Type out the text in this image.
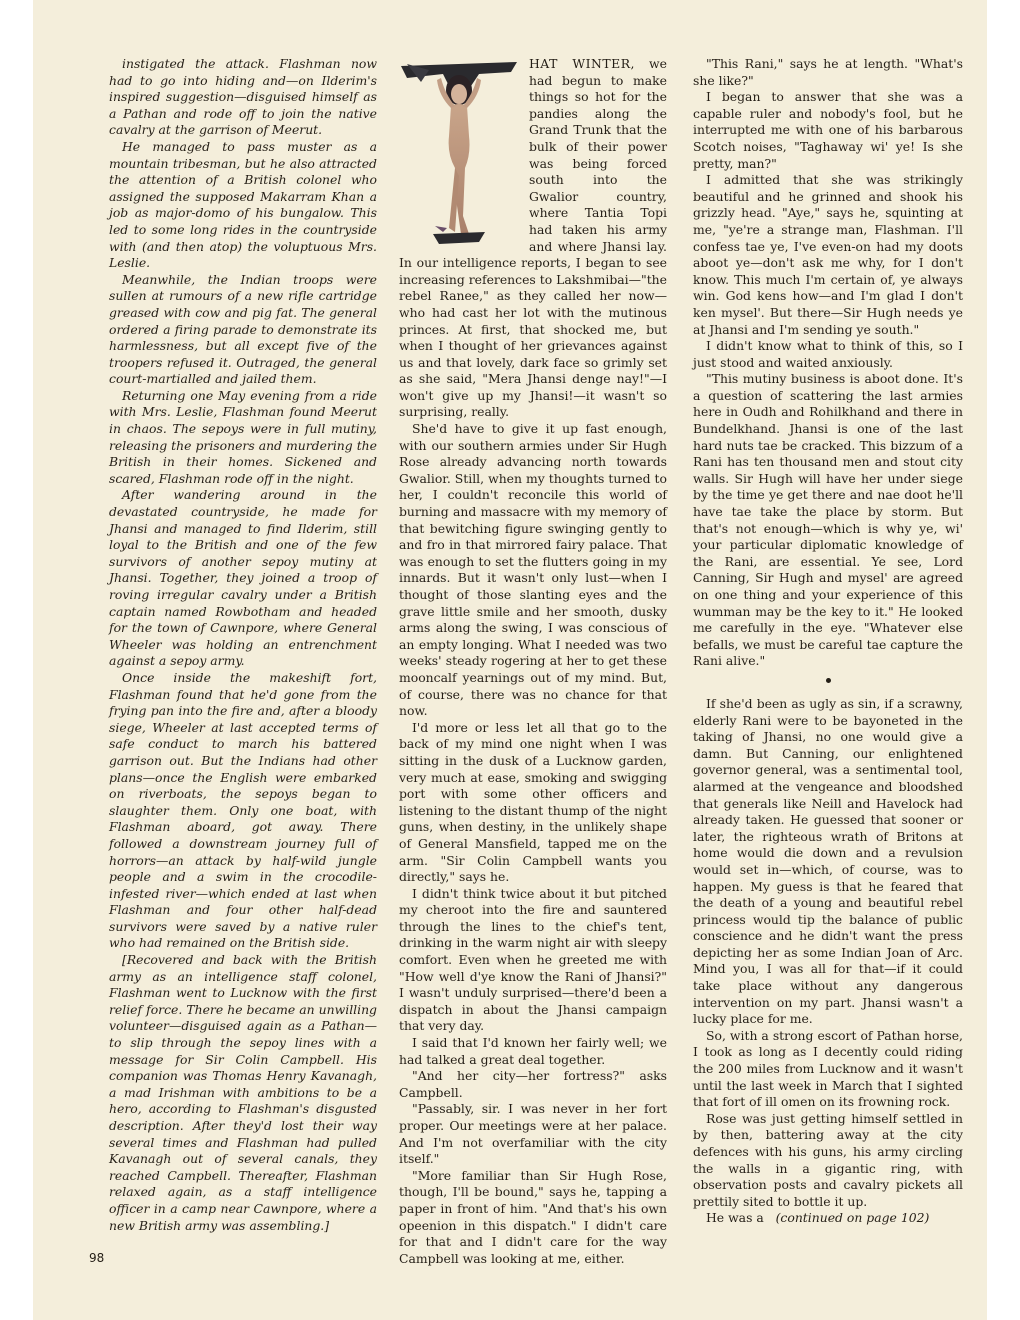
instigated the attack. Flashman now had to go into hiding and—on Ilderim's inspired suggestion—disguised himself as a Pathan and rode off to join the native cavalry at the garrison of Meerut.

He managed to pass muster as a mountain tribesman, but he also attracted the attention of a British colonel who assigned the supposed Makarram Khan a job as major-domo of his bungalow. This led to some long rides in the countryside with (and then atop) the voluptuous Mrs. Leslie.

Meanwhile, the Indian troops were sullen at rumours of a new rifle cartridge greased with cow and pig fat. The general ordered a firing parade to demonstrate its harmlessness, but all except five of the troopers refused it. Outraged, the general court-martialled and jailed them.

Returning one May evening from a ride with Mrs. Leslie, Flashman found Meerut in chaos. The sepoys were in full mutiny, releasing the prisoners and murdering the British in their homes. Sickened and scared, Flashman rode off in the night.

After wandering around in the devastated countryside, he made for Jhansi and managed to find Ilderim, still loyal to the British and one of the few survivors of another sepoy mutiny at Jhansi. Together, they joined a troop of roving irregular cavalry under a British captain named Rowbotham and headed for the town of Cawnpore, where General Wheeler was holding an entrenchment against a sepoy army.

Once inside the makeshift fort, Flashman found that he'd gone from the frying pan into the fire and, after a bloody siege, Wheeler at last accepted terms of safe conduct to march his battered garrison out. But the Indians had other plans—once the English were embarked on riverboats, the sepoys began to slaughter them. Only one boat, with Flashman aboard, got away. There followed a downstream journey full of horrors—an attack by half-wild jungle people and a swim in the crocodile-infested river—which ended at last when Flashman and four other half-dead survivors were saved by a native ruler who had remained on the British side.

[Recovered and back with the British army as an intelligence staff colonel, Flashman went to Lucknow with the first relief force. There he became an unwilling volunteer—disguised again as a Pathan—to slip through the sepoy lines with a message for Sir Colin Campbell. His companion was Thomas Henry Kavanagh, a mad Irishman with ambitions to be a hero, according to Flashman's disgusted description. After they'd lost their way several times and Flashman had pulled Kavanagh out of several canals, they reached Campbell. Thereafter, Flashman relaxed again, as a staff intelligence officer in a camp near Cawnpore, where a new British army was assembling.]

HAT WINTER, we had begun to make things so hot for the pandies along the Grand Trunk that the bulk of their power was being forced south into the Gwalior country, where Tantia Topi had taken his army and where Jhansi lay. In our intelligence reports, I began to see increasing references to Lakshmibai—"the rebel Ranee," as they called her now—who had cast her lot with the mutinous princes. At first, that shocked me, but when I thought of her grievances against us and that lovely, dark face so grimly set as she said, "Mera Jhansi denge nay!"—I won't give up my Jhansi!—it wasn't so surprising, really.

She'd have to give it up fast enough, with our southern armies under Sir Hugh Rose already advancing north towards Gwalior. Still, when my thoughts turned to her, I couldn't reconcile this world of burning and massacre with my memory of that bewitching figure swinging gently to and fro in that mirrored fairy palace. That was enough to set the flutters going in my innards. But it wasn't only lust—when I thought of those slanting eyes and the grave little smile and her smooth, dusky arms along the swing, I was conscious of an empty longing. What I needed was two weeks' steady rogering at her to get these mooncalf yearnings out of my mind. But, of course, there was no chance for that now.

I'd more or less let all that go to the back of my mind one night when I was sitting in the dusk of a Lucknow garden, very much at ease, smoking and swigging port with some other officers and listening to the distant thump of the night guns, when destiny, in the unlikely shape of General Mansfield, tapped me on the arm. "Sir Colin Campbell wants you directly," says he.

I didn't think twice about it but pitched my cheroot into the fire and sauntered through the lines to the chief's tent, drinking in the warm night air with sleepy comfort. Even when he greeted me with "How well d'ye know the Rani of Jhansi?" I wasn't unduly surprised—there'd been a dispatch in about the Jhansi campaign that very day.

I said that I'd known her fairly well; we had talked a great deal together.

"And her city—her fortress?" asks Campbell.

"Passably, sir. I was never in her fort proper. Our meetings were at her palace. And I'm not overfamiliar with the city itself."

"More familiar than Sir Hugh Rose, though, I'll be bound," says he, tapping a paper in front of him. "And that's his own opeenion in this dispatch." I didn't care for that and I didn't care for the way Campbell was looking at me, either.

"This Rani," says he at length. "What's she like?"

I began to answer that she was a capable ruler and nobody's fool, but he interrupted me with one of his barbarous Scotch noises, "Taghaway wi' ye! Is she pretty, man?"

I admitted that she was strikingly beautiful and he grinned and shook his grizzly head. "Aye," says he, squinting at me, "ye're a strange man, Flashman. I'll confess tae ye, I've even-on had my doots aboot ye—don't ask me why, for I don't know. This much I'm certain of, ye always win. God kens how—and I'm glad I don't ken mysel'. But there—Sir Hugh needs ye at Jhansi and I'm sending ye south."

I didn't know what to think of this, so I just stood and waited anxiously.

"This mutiny business is aboot done. It's a question of scattering the last armies here in Oudh and Rohilkhand and there in Bundelkhand. Jhansi is one of the last hard nuts tae be cracked. This bizzum of a Rani has ten thousand men and stout city walls. Sir Hugh will have her under siege by the time ye get there and nae doot he'll have tae take the place by storm. But that's not enough—which is why ye, wi' your particular diplomatic knowledge of the Rani, are essential. Ye see, Lord Canning, Sir Hugh and mysel' are agreed on one thing and your experience of this wumman may be the key to it." He looked me carefully in the eye. "Whatever else befalls, we must be careful tae capture the Rani alive."

If she'd been as ugly as sin, if a scrawny, elderly Rani were to be bayoneted in the taking of Jhansi, no one would give a damn. But Canning, our enlightened governor general, was a sentimental tool, alarmed at the vengeance and bloodshed that generals like Neill and Havelock had already taken. He guessed that sooner or later, the righteous wrath of Britons at home would die down and a revulsion would set in—which, of course, was to happen. My guess is that he feared that the death of a young and beautiful rebel princess would tip the balance of public conscience and he didn't want the press depicting her as some Indian Joan of Arc. Mind you, I was all for that—if it could take place without any dangerous intervention on my part. Jhansi wasn't a lucky place for me.

So, with a strong escort of Pathan horse, I took as long as I decently could riding the 200 miles from Lucknow and it wasn't until the last week in March that I sighted that fort of ill omen on its frowning rock.

Rose was just getting himself settled in by then, battering away at the city defences with his guns, his army circling the walls in a gigantic ring, with observation posts and cavalry pickets all prettily sited to bottle it up.

He was a (continued on page 102)

98
